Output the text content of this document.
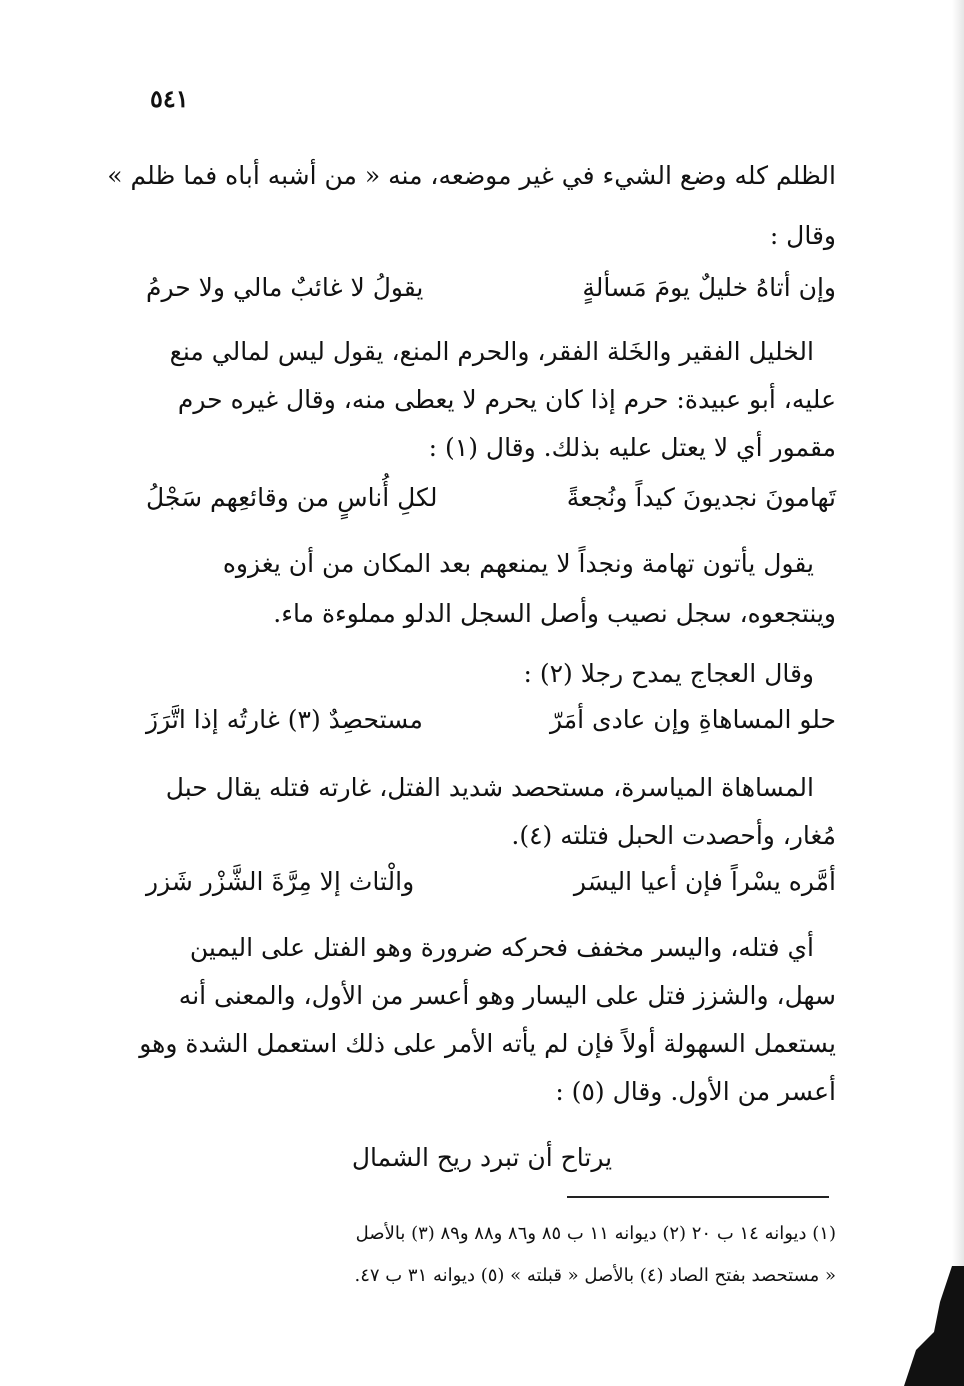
٥٤١
الظلم كله وضع الشيء في غير موضعه، منه « من أشبه أباه فما ظلم »
وقال :
وإن أتاهُ خليلٌ يومَ مَسألةٍ
يقولُ لا غائبٌ مالي ولا حرمُ
الخليل الفقير والخَلة الفقر، والحرم المنع، يقول ليس لمالي منع
عليه، أبو عبيدة: حرم إذا كان يحرم لا يعطى منه، وقال غيره حرم
مقمور أي لا يعتل عليه بذلك. وقال (١) :
تَهامونَ نجديونَ كيداً ونُجعةً
لكلِ أُناسٍ من وقائعِهم سَجْلُ
يقول يأتون تهامة ونجداً لا يمنعهم بعد المكان من أن يغزوه
وينتجعوه، سجل نصيب وأصل السجل الدلو مملوءة ماء.
وقال العجاج يمدح رجلا (٢) :
حلو المساهاةِ وإن عادى أمَرّ
مستحصِدٌ (٣) غارتُه إذا اتَّرَزَ
المساهاة المياسرة، مستحصد شديد الفتل، غارته فتله يقال حبل
مُغار، وأحصدت الحبل فتلته (٤).
أمَّره يسْراً فإن أعيا اليسَر
والْتاث إلا مِرَّةَ الشَّزْر شَزر
أي فتله، واليسر مخفف فحركه ضرورة وهو الفتل على اليمين
سهل، والشزز فتل على اليسار وهو أعسر من الأول، والمعنى أنه
يستعمل السهولة أولاً فإن لم يأته الأمر على ذلك استعمل الشدة وهو
أعسر من الأول. وقال (٥) :
يرتاح أن تبرد ريح الشمال
(١) ديوانه ١٤ ب ٢٠ (٢) ديوانه ١١ ب ٨٥ و٨٦ و٨٨ و٨٩ (٣) بالأصل
« مستحصد بفتح الصاد (٤) بالأصل « قبلته » (٥) ديوانه ٣١ ب ٤٧.
